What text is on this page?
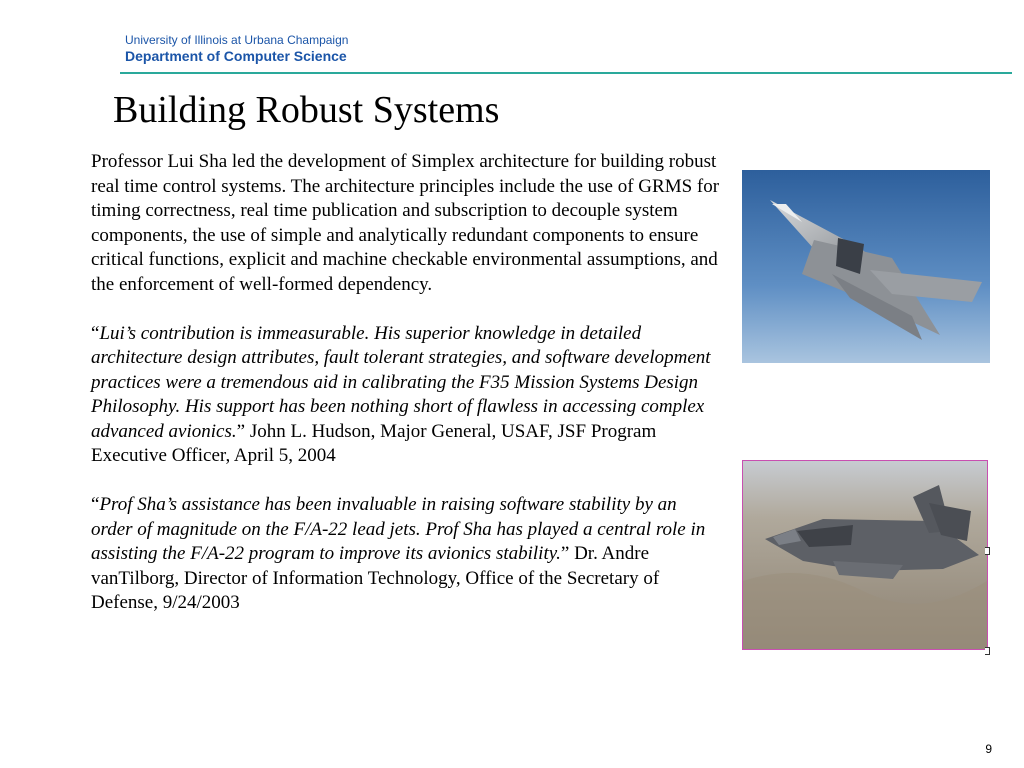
University of Illinois at Urbana Champaign
Department of Computer Science
Building Robust Systems

Professor Lui Sha led the development of Simplex architecture for building robust real time control systems. The architecture principles include the use of GRMS for timing correctness, real time publication and subscription to decouple system components, the use of simple and analytically redundant components to ensure critical functions, explicit and machine checkable environmental assumptions, and the enforcement of well-formed dependency.

“Lui’s contribution is immeasurable. His superior knowledge in detailed architecture design attributes, fault tolerant strategies, and software development practices were a tremendous aid in calibrating the F35 Mission Systems Design Philosophy. His support has been nothing short of flawless in accessing complex advanced avionics.” John L. Hudson, Major General, USAF, JSF Program Executive Officer, April 5, 2004

“Prof Sha’s assistance has been invaluable in raising software stability by an order of magnitude on the F/A-22 lead jets. Prof Sha has played a central role in assisting the F/A-22 program to improve its avionics stability.” Dr. Andre vanTilborg, Director of Information Technology, Office of the Secretary of Defense, 9/24/2003

9
